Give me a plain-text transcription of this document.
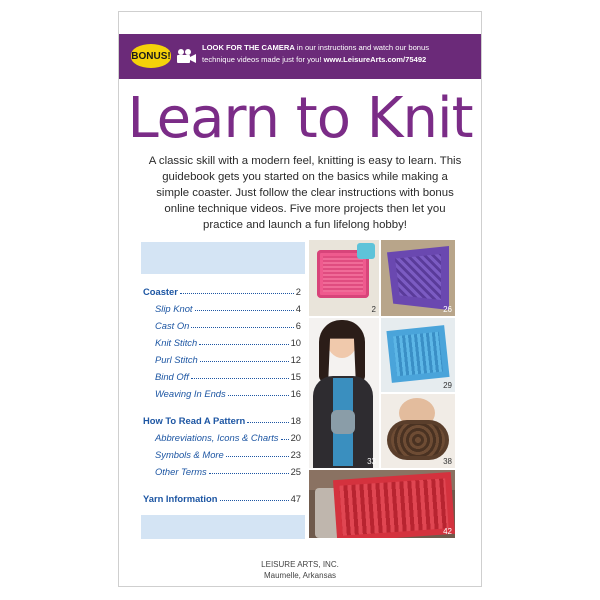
BONUS!
LOOK FOR THE CAMERA in our instructions and watch our bonus
technique videos made just for you! www.LeisureArts.com/75492
Learn to Knit
A classic skill with a modern feel, knitting is easy to learn. This guidebook gets you started on the basics while making a simple coaster. Just follow the clear instructions with bonus online technique videos. Five more projects then let you practice and launch a fun lifelong hobby!
Coaster	2
Slip Knot	4
Cast On	6
Knit Stitch	10
Purl Stitch	12
Bind Off	15
Weaving In Ends	16
How To Read A Pattern	18
Abbreviations, Icons & Charts 20
Symbols & More	23
Other Terms	25
Yarn Information	47
2	26
33
29
38
42
LEISURE ARTS, INC.
Maumelle, Arkansas
